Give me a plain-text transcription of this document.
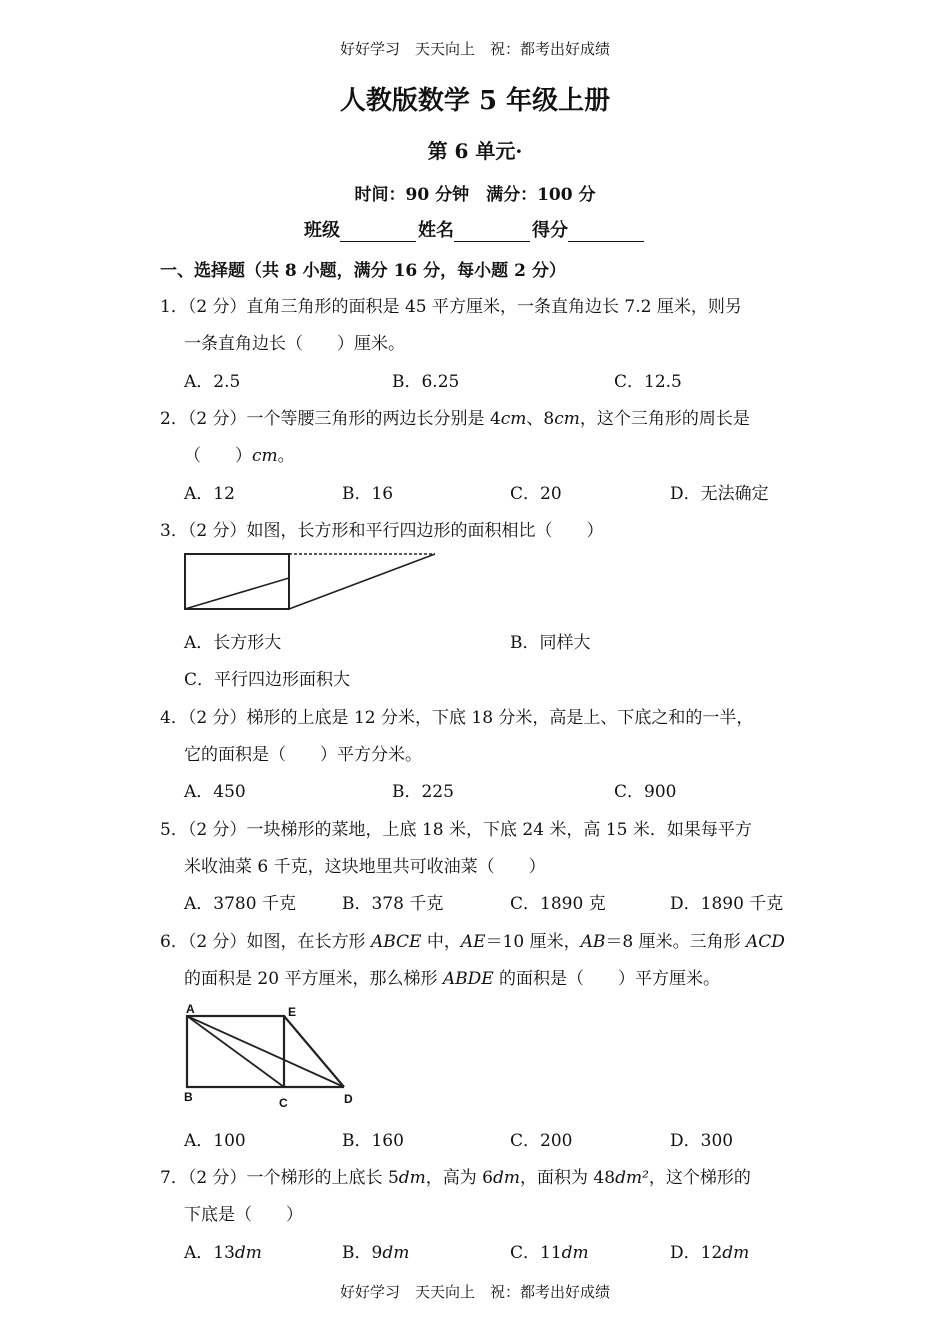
好好学习　天天向上　祝：都考出好成绩
人教版数学 5 年级上册
第 6 单元·
时间：90 分钟　满分：100 分
班级	姓名	得分
一、选择题（共 8 小题，满分 16 分，每小题 2 分）
1．（2 分）直角三角形的面积是 45 平方厘米，一条直角边长 7.2 厘米，则另
一条直角边长（　　）厘米。
A．2.5	B．6.25	C．12.5
2．（2 分）一个等腰三角形的两边长分别是 4cm、8cm，这个三角形的周长是
（　　）cm。
A．12	B．16	C．20	D．无法确定
3．（2 分）如图，长方形和平行四边形的面积相比（　　）
A．长方形大	B．同样大
C．平行四边形面积大
4．（2 分）梯形的上底是 12 分米，下底 18 分米，高是上、下底之和的一半，
它的面积是（　　）平方分米。
A．450	B．225	C．900
5．（2 分）一块梯形的菜地，上底 18 米，下底 24 米，高 15 米．如果每平方
米收油菜 6 千克，这块地里共可收油菜（　　）
A．3780 千克	B．378 千克	C．1890 克	D．1890 千克
6．（2 分）如图，在长方形 ABCE 中，AE＝10 厘米，AB＝8 厘米。三角形 ACD
的面积是 20 平方厘米，那么梯形 ABDE 的面积是（　　）平方厘米。
A	E
B	C	D
A．100	B．160	C．200	D．300
7．（2 分）一个梯形的上底长 5dm，高为 6dm，面积为 48dm²，这个梯形的
下底是（　　）
A．13dm	B．9dm	C．11dm	D．12dm
好好学习　天天向上　祝：都考出好成绩
